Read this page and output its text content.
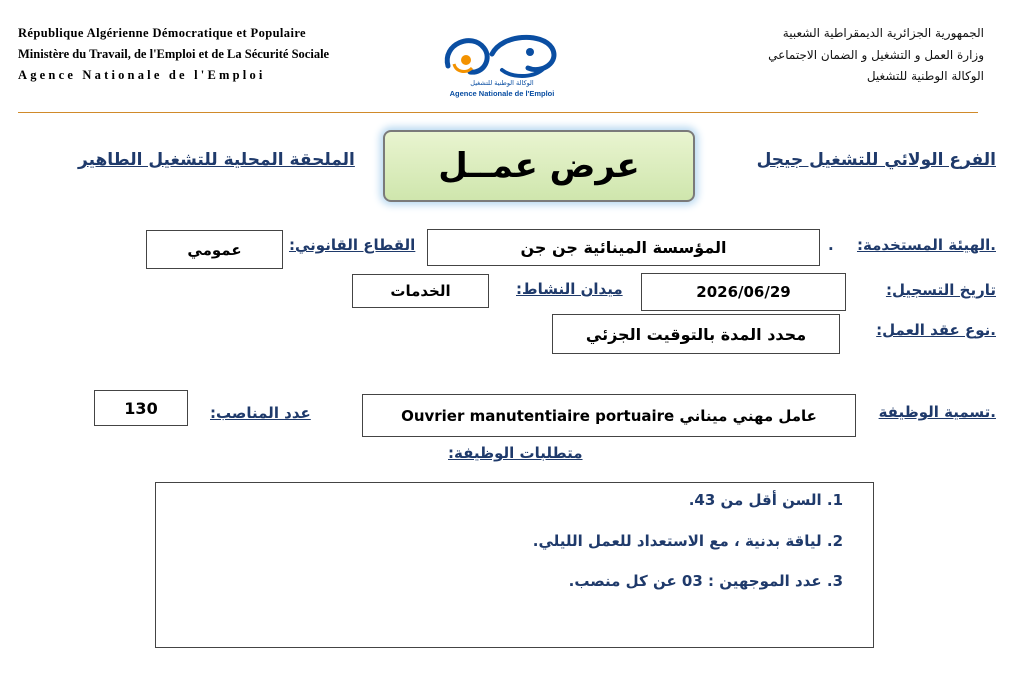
République Algérienne Démocratique et Populaire
Ministère du Travail, de l'Emploi et de La Sécurité Sociale
Agence Nationale de l'Emploi
الجمهورية الجزائرية الديمقراطية الشعبية
وزارة العمل و التشغيل و الضمان الاجتماعي
الوكالة الوطنية للتشغيل
الوكالة الوطنية للتشغيل
Agence Nationale de l'Emploi
عرض عمــل	الفرع الولائي للتشغيل جيجل
الملحقة المحلية للتشغيل الطاهير
.الهيئة المستخدمة:
.
المؤسسة المينائية جن جن
القطاع القانوني:
عمومي
تاريخ التسجيل:
2026/06/29
ميدان النشاط:
الخدمات
.نوع عقد العمل:
محدد المدة بالتوقيت الجزئي
.تسمية الوظيفة
Ouvrier manutentiaire portuaire عامل مهني ميناني
عدد المناصب:
130
متطلبات الوظيفة:
1. السن أقل من 43.
2. لياقة بدنية ، مع الاستعداد للعمل الليلي.
3. عدد الموجهين : 03 عن كل منصب.
